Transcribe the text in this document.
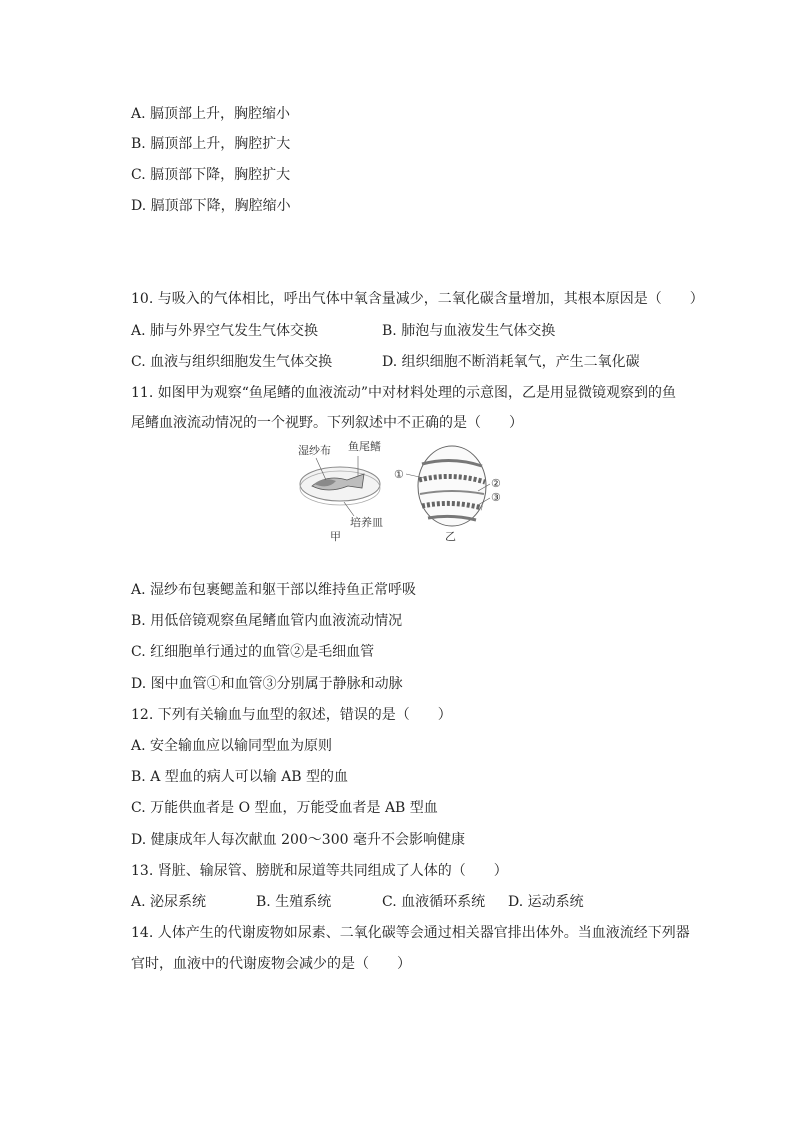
A. 膈顶部上升，胸腔缩小
B. 膈顶部上升，胸腔扩大
C. 膈顶部下降，胸腔扩大
D. 膈顶部下降，胸腔缩小
10. 与吸入的气体相比，呼出气体中氧含量减少，二氧化碳含量增加，其根本原因是（　　）
A. 肺与外界空气发生气体交换	B. 肺泡与血液发生气体交换
C. 血液与组织细胞发生气体交换	D. 组织细胞不断消耗氧气，产生二氧化碳
11. 如图甲为观察“鱼尾鳍的血液流动”中对材料处理的示意图，乙是用显微镜观察到的鱼
尾鳍血液流动情况的一个视野。下列叙述中不正确的是（　　）
湿纱布 鱼尾鳍
培养皿
甲
①
②
③
乙
A. 湿纱布包裹鳃盖和躯干部以维持鱼正常呼吸
B. 用低倍镜观察鱼尾鳍血管内血液流动情况
C. 红细胞单行通过的血管②是毛细血管
D. 图中血管①和血管③分别属于静脉和动脉
12. 下列有关输血与血型的叙述，错误的是（　　）
A. 安全输血应以输同型血为原则
B. A 型血的病人可以输 AB 型的血
C. 万能供血者是 O 型血，万能受血者是 AB 型血
D. 健康成年人每次献血 200～300 毫升不会影响健康
13. 肾脏、输尿管、膀胱和尿道等共同组成了人体的（　　）
A. 泌尿系统	B. 生殖系统	C. 血液循环系统 D. 运动系统
14. 人体产生的代谢废物如尿素、二氧化碳等会通过相关器官排出体外。当血液流经下列器
官时，血液中的代谢废物会减少的是（　　）
